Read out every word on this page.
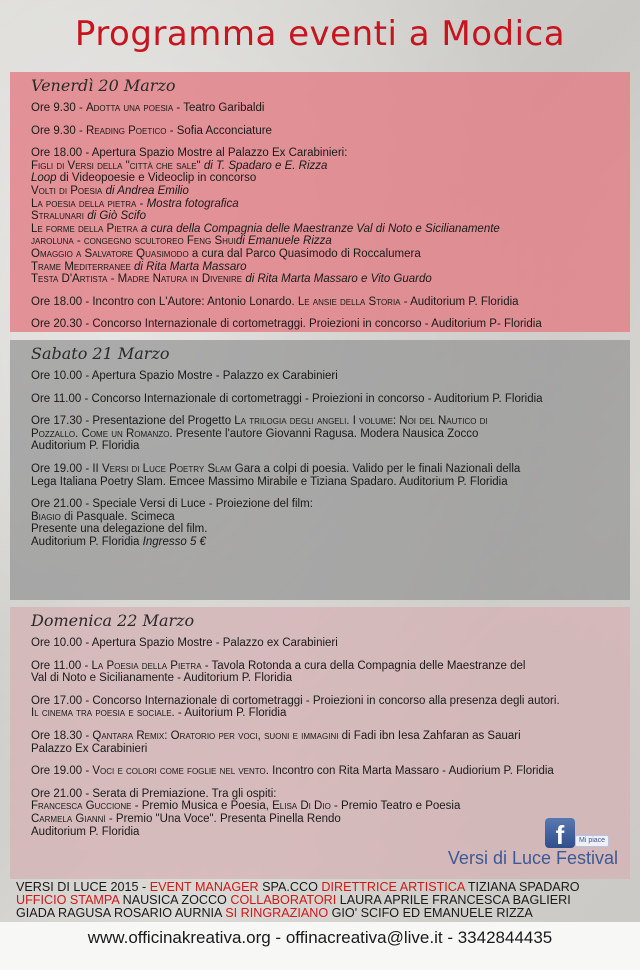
Programma eventi a Modica
Venerdì 20 Marzo
Ore 9.30 - Adotta una poesia - Teatro Garibaldi
Ore 9.30 - Reading Poetico - Sofia Acconciature
Ore 18.00 - Apertura Spazio Mostre al Palazzo Ex Carabinieri:
Figli di Versi della "città che sale" di T. Spadaro e E. Rizza
Loop di Videopoesie e Videoclip in concorso
Volti di Poesia di Andrea Emilio
La poesia della pietra - Mostra fotografica
Stralunari di Giò Scifo
Le forme della Pietra a cura della Compagnia delle Maestranze Val di Noto e Sicilianamente
jaroluna - congegno scultoreo Feng Shuidi Emanuele Rizza
Omaggio a Salvatore Quasimodo a cura dal Parco Quasimodo di Roccalumera
Trame Mediterranee di Rita Marta Massaro
Testa D'Artista - Madre Natura in Divenire di Rita Marta Massaro e Vito Guardo
Ore 18.00 - Incontro con L'Autore: Antonio Lonardo. Le ansie della Storia - Auditorium P. Floridia
Ore 20.30 - Concorso Internazionale di cortometraggi. Proiezioni in concorso - Auditorium P- Floridia
Sabato 21 Marzo
Ore 10.00 - Apertura Spazio Mostre - Palazzo ex Carabinieri
Ore 11.00 - Concorso Internazionale di cortometraggi - Proiezioni in concorso - Auditorium P. Floridia
Ore 17.30 - Presentazione del Progetto La trilogia degli angeli. I volume: Noi del Nautico di
Pozzallo. Come un Romanzo. Presente l'autore Giovanni Ragusa. Modera Nausica Zocco
Auditorium P. Floridia
Ore 19.00 - II Versi di Luce Poetry Slam Gara a colpi di poesia. Valido per le finali Nazionali della
Lega Italiana Poetry Slam. Emcee Massimo Mirabile e Tiziana Spadaro. Auditorium P. Floridia
Ore 21.00 - Speciale Versi di Luce - Proiezione del film:
Biagio di Pasquale. Scimeca
Presente una delegazione del film.
Auditorium P. Floridia Ingresso 5 €
Domenica 22 Marzo
Ore 10.00 - Apertura Spazio Mostre - Palazzo ex Carabinieri
Ore 11.00 - La Poesia della Pietra - Tavola Rotonda a cura della Compagnia delle Maestranze del
Val di Noto e Sicilianamente - Auditorium P. Floridia
Ore 17.00 - Concorso Internazionale di cortometraggi - Proiezioni in concorso alla presenza degli autori.
Il cinema tra poesia e sociale. - Auitorium P. Floridia
Ore 18.30 - Qantara Remix: Oratorio per voci, suoni e immagini di Fadi ibn Iesa Zahfaran as Sauari
Palazzo Ex Carabinieri
Ore 19.00 - Voci e colori come foglie nel vento. Incontro con Rita Marta Massaro - Audiorium P. Floridia
Ore 21.00 - Serata di Premiazione. Tra gli ospiti:
Francesca Guccione - Premio Musica e Poesia, Elisa Di Dio - Premio Teatro e Poesia
Carmela Giannì - Premio "Una Voce". Presenta Pinella Rendo
Auditorium P. Floridia	f	Mi piace
Versi di Luce Festival
VERSI DI LUCE 2015 - EVENT MANAGER SPA.CCO DIRETTRICE ARTISTICA TIZIANA SPADARO
UFFICIO STAMPA NAUSICA ZOCCO COLLABORATORI LAURA APRILE FRANCESCA BAGLIERI
GIADA RAGUSA ROSARIO AURNIA SI RINGRAZIANO GIO' SCIFO ED EMANUELE RIZZA
www.officinakreativa.org - offinacreativa@live.it - 3342844435
